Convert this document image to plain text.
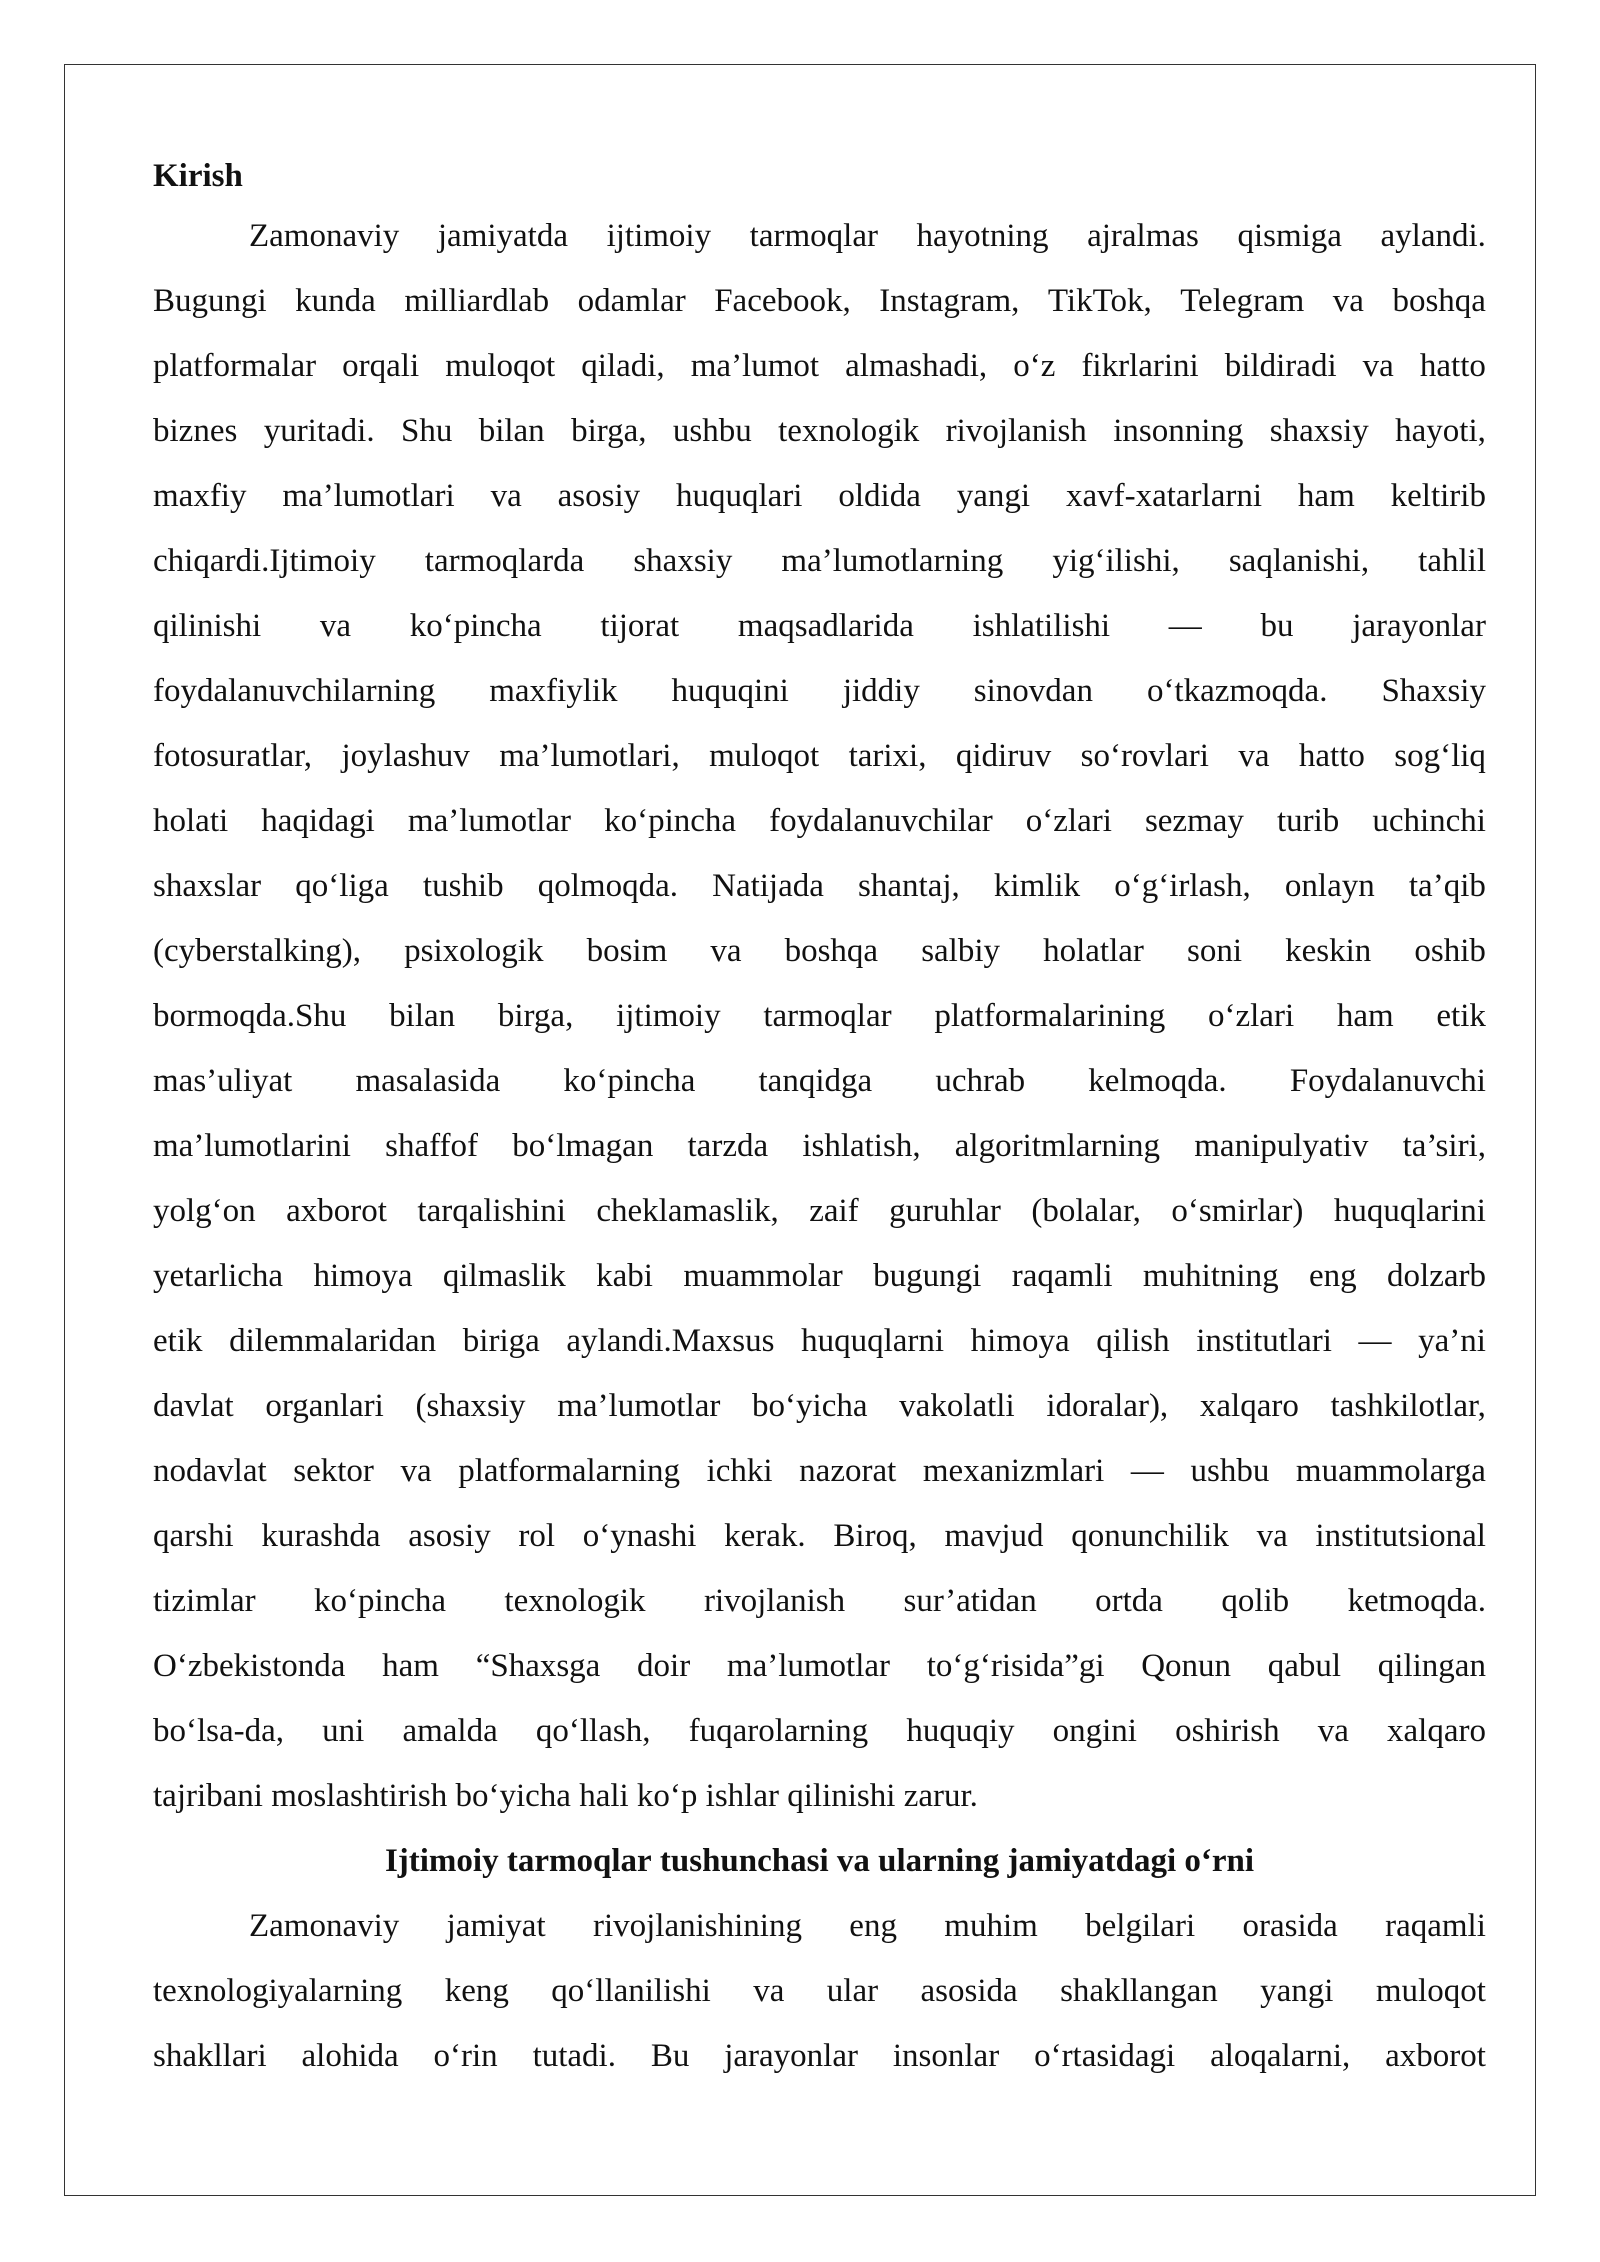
Kirish
Zamonaviy jamiyatda ijtimoiy tarmoqlar hayotning ajralmas qismiga aylandi.
Bugungi kunda milliardlab odamlar Facebook, Instagram, TikTok, Telegram va boshqa
platformalar orqali muloqot qiladi, ma’lumot almashadi, oʻz fikrlarini bildiradi va hatto
biznes yuritadi. Shu bilan birga, ushbu texnologik rivojlanish insonning shaxsiy hayoti,
maxfiy ma’lumotlari va asosiy huquqlari oldida yangi xavf-xatarlarni ham keltirib
chiqardi.Ijtimoiy tarmoqlarda shaxsiy ma’lumotlarning yigʻilishi, saqlanishi, tahlil
qilinishi va koʻpincha tijorat maqsadlarida ishlatilishi — bu jarayonlar
foydalanuvchilarning maxfiylik huquqini jiddiy sinovdan oʻtkazmoqda. Shaxsiy
fotosuratlar, joylashuv ma’lumotlari, muloqot tarixi, qidiruv soʻrovlari va hatto sogʻliq
holati haqidagi ma’lumotlar koʻpincha foydalanuvchilar oʻzlari sezmay turib uchinchi
shaxslar qoʻliga tushib qolmoqda. Natijada shantaj, kimlik oʻgʻirlash, onlayn ta’qib
(cyberstalking), psixologik bosim va boshqa salbiy holatlar soni keskin oshib
bormoqda.Shu bilan birga, ijtimoiy tarmoqlar platformalarining oʻzlari ham etik
mas’uliyat masalasida koʻpincha tanqidga uchrab kelmoqda. Foydalanuvchi
ma’lumotlarini shaffof boʻlmagan tarzda ishlatish, algoritmlarning manipulyativ ta’siri,
yolgʻon axborot tarqalishini cheklamaslik, zaif guruhlar (bolalar, oʻsmirlar) huquqlarini
yetarlicha himoya qilmaslik kabi muammolar bugungi raqamli muhitning eng dolzarb
etik dilemmalaridan biriga aylandi.Maxsus huquqlarni himoya qilish institutlari — ya’ni
davlat organlari (shaxsiy ma’lumotlar boʻyicha vakolatli idoralar), xalqaro tashkilotlar,
nodavlat sektor va platformalarning ichki nazorat mexanizmlari — ushbu muammolarga
qarshi kurashda asosiy rol oʻynashi kerak. Biroq, mavjud qonunchilik va institutsional
tizimlar koʻpincha texnologik rivojlanish sur’atidan ortda qolib ketmoqda.
Oʻzbekistonda ham “Shaxsga doir ma’lumotlar toʻgʻrisida”gi Qonun qabul qilingan
boʻlsa-da, uni amalda qoʻllash, fuqarolarning huquqiy ongini oshirish va xalqaro
tajribani moslashtirish boʻyicha hali koʻp ishlar qilinishi zarur.
Ijtimoiy tarmoqlar tushunchasi va ularning jamiyatdagi oʻrni
Zamonaviy jamiyat rivojlanishining eng muhim belgilari orasida raqamli
texnologiyalarning keng qoʻllanilishi va ular asosida shakllangan yangi muloqot
shakllari alohida oʻrin tutadi. Bu jarayonlar insonlar oʻrtasidagi aloqalarni, axborot
